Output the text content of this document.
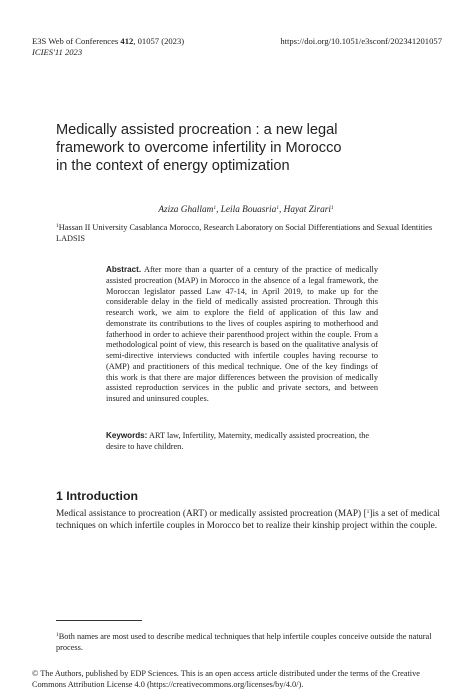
E3S Web of Conferences 412, 01057 (2023)
ICIES'11 2023
https://doi.org/10.1051/e3sconf/202341201057
Medically assisted procreation : a new legal
framework to overcome infertility in Morocco
in the context of energy optimization
Aziza Ghallam$^1$, Leila Bouasria$^1$, Hayat Zirari$^1$
$^1$Hassan II University Casablanca Morocco, Research Laboratory on Social Differentiations and Sexual Identities LADSIS
Abstract. After more than a quarter of a century of the practice of medically assisted procreation (MAP) in Morocco in the absence of a legal framework, the Moroccan legislator passed Law 47-14, in April 2019, to make up for the considerable delay in the field of medically assisted procreation. Through this research work, we aim to explore the field of application of this law and demonstrate its contributions to the lives of couples aspiring to motherhood and fatherhood in order to achieve their parenthood project within the couple. From a methodological point of view, this research is based on the qualitative analysis of semi-directive interviews conducted with infertile couples having recourse to (AMP) and practitioners of this medical technique. One of the key findings of this work is that there are major differences between the provision of medically assisted reproduction services in the public and private sectors, and between insured and uninsured couples.
Keywords: ART law, Infertility, Maternity, medically assisted procreation, the desire to have children.
1 Introduction
Medical assistance to procreation (ART) or medically assisted procreation (MAP) [$^1$]is a set of medical techniques on which infertile couples in Morocco bet to realize their kinship project within the couple.
$^1$Both names are most used to describe medical techniques that help infertile couples conceive outside the natural process.
© The Authors, published by EDP Sciences. This is an open access article distributed under the terms of the Creative Commons Attribution License 4.0 (https://creativecommons.org/licenses/by/4.0/).
